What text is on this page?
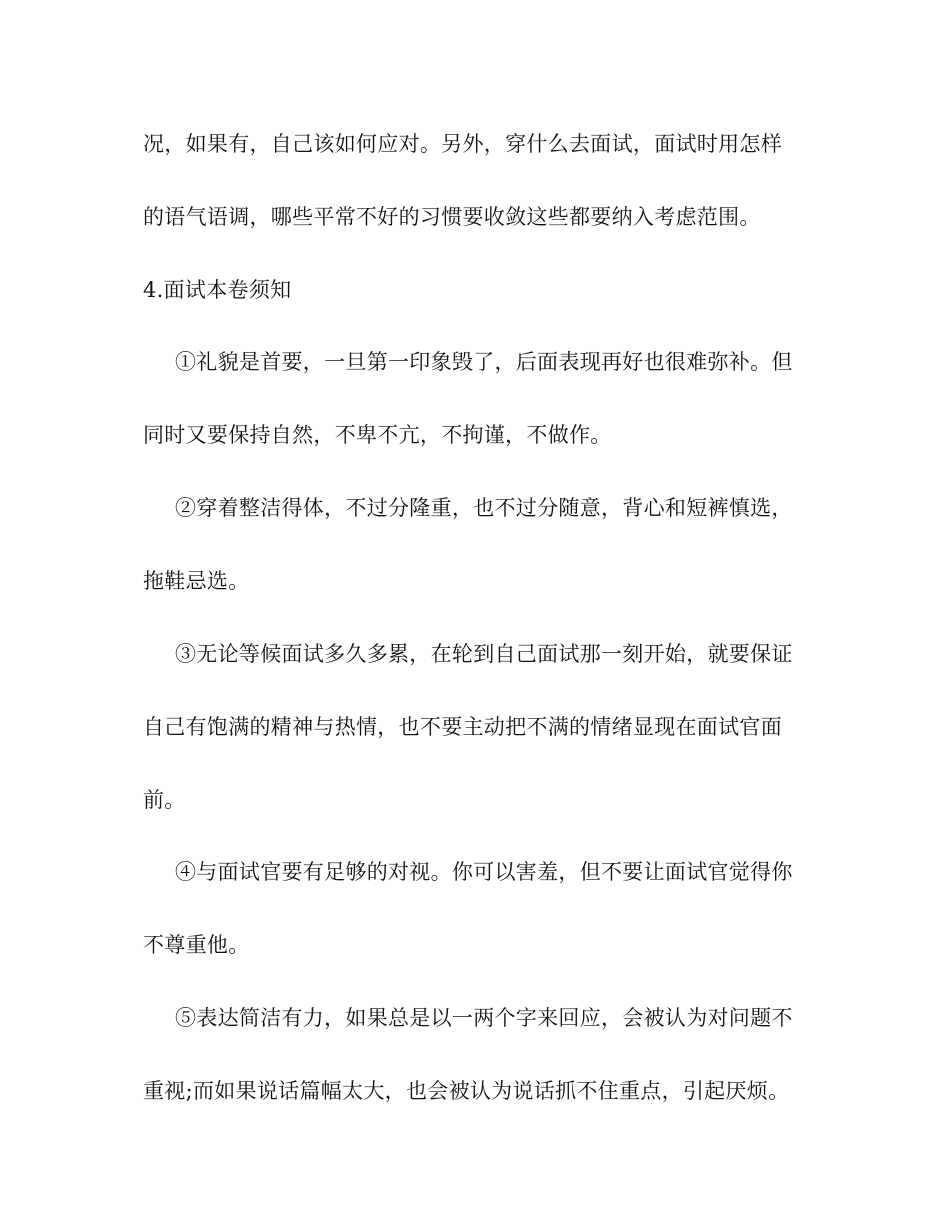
况，如果有，自己该如何应对。另外，穿什么去面试，面试时用怎样
的语气语调，哪些平常不好的习惯要收敛这些都要纳入考虑范围。
4.面试本卷须知
①礼貌是首要，一旦第一印象毁了，后面表现再好也很难弥补。但
同时又要保持自然，不卑不亢，不拘谨，不做作。
②穿着整洁得体，不过分隆重，也不过分随意，背心和短裤慎选，
拖鞋忌选。
③无论等候面试多久多累，在轮到自己面试那一刻开始，就要保证
自己有饱满的精神与热情，也不要主动把不满的情绪显现在面试官面
前。
④与面试官要有足够的对视。你可以害羞，但不要让面试官觉得你
不尊重他。
⑤表达简洁有力，如果总是以一两个字来回应，会被认为对问题不
重视;而如果说话篇幅太大，也会被认为说话抓不住重点，引起厌烦。
